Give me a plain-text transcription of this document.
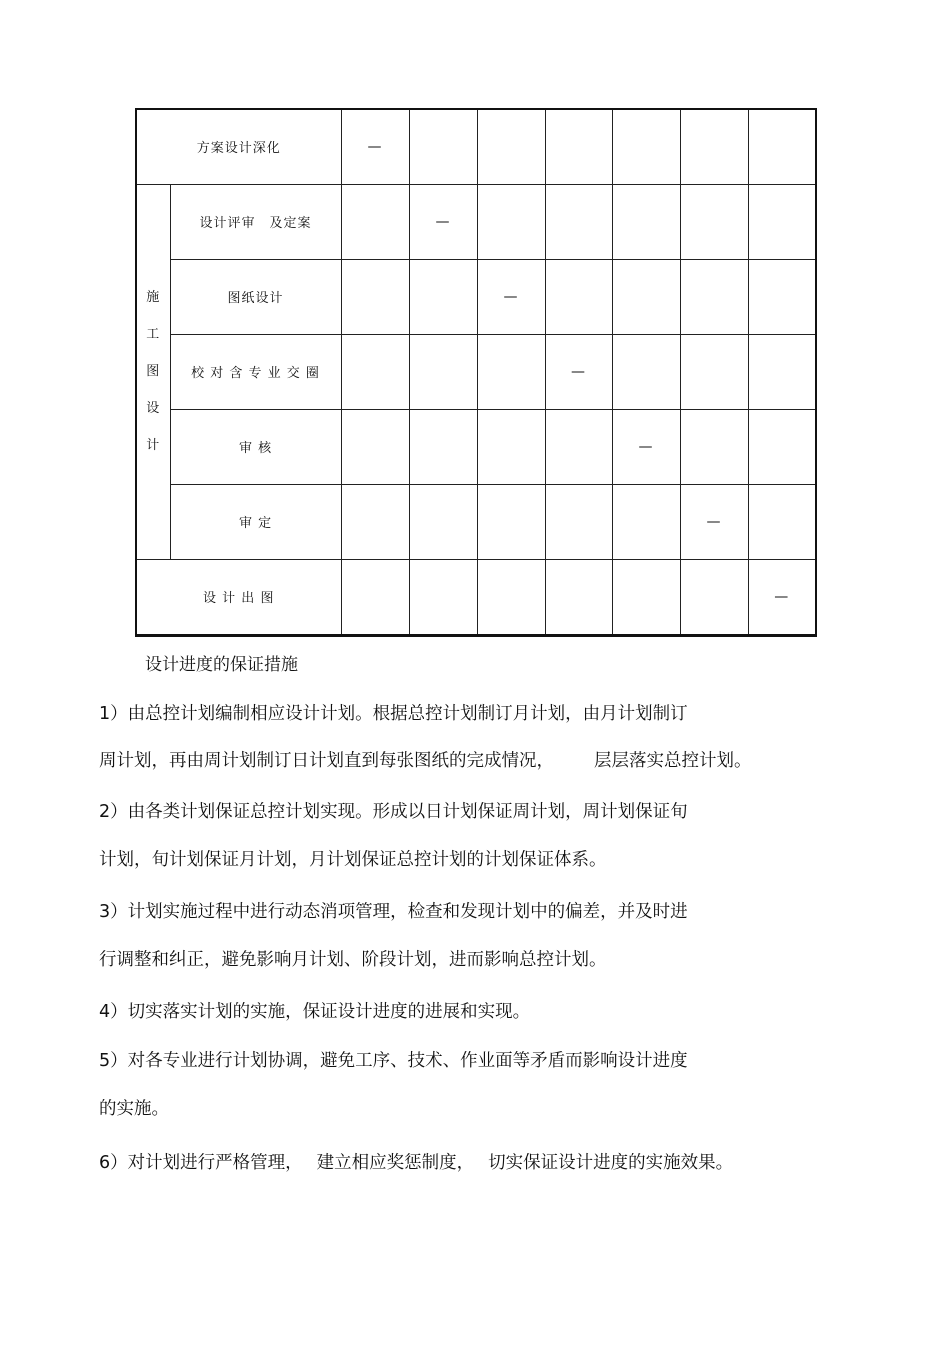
方案设计深化		—						

施
工
图
设
计	设计评审　及定案		—					
	图纸设计			—				
	校 对 含 专 业 交 圈				—			
	审 核					—		
	审 定						—	
设 计 出 图								—
设计进度的保证措施
1）由总控计划编制相应设计计划。根据总控计划制订月计划，由月计划制订
周计划，再由周计划制订日计划直到每张图纸的完成情况， 层层落实总控计划。
2）由各类计划保证总控计划实现。形成以日计划保证周计划，周计划保证旬
计划，旬计划保证月计划，月计划保证总控计划的计划保证体系。
3）计划实施过程中进行动态消项管理，检查和发现计划中的偏差，并及时进
行调整和纠正，避免影响月计划、阶段计划，进而影响总控计划。
4）切实落实计划的实施，保证设计进度的进展和实现。
5）对各专业进行计划协调，避免工序、技术、作业面等矛盾而影响设计进度
的实施。
6）对计划进行严格管理， 建立相应奖惩制度， 切实保证设计进度的实施效果。
